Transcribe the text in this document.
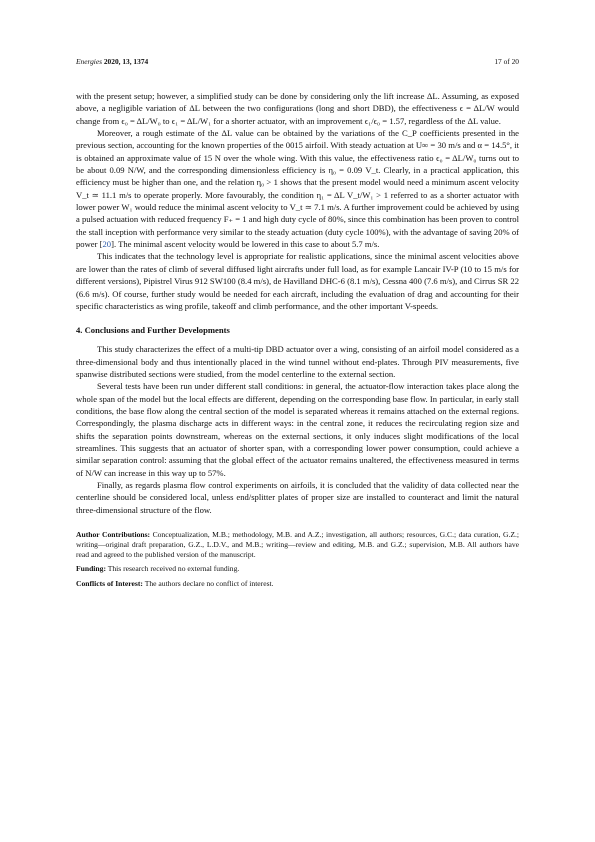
Energies 2020, 13, 1374	17 of 20

with the present setup; however, a simplified study can be done by considering only the lift increase ΔL. Assuming, as exposed above, a negligible variation of ΔL between the two configurations (long and short DBD), the effectiveness ϵ = ΔL/W would change from ϵ₀ = ΔL/W₀ to ϵ₁ = ΔL/W₁ for a shorter actuator, with an improvement ϵ₁/ϵ₀ = 1.57, regardless of the ΔL value.

Moreover, a rough estimate of the ΔL value can be obtained by the variations of the C_P coefficients presented in the previous section, accounting for the known properties of the 0015 airfoil. With steady actuation at U∞ = 30 m/s and α = 14.5°, it is obtained an approximate value of 15 N over the whole wing. With this value, the effectiveness ratio ϵ₀ = ΔL/W₀ turns out to be about 0.09 N/W, and the corresponding dimensionless efficiency is η₀ = 0.09 V_t. Clearly, in a practical application, this efficiency must be higher than one, and the relation η₀ > 1 shows that the present model would need a minimum ascent velocity V_t ≃ 11.1 m/s to operate properly. More favourably, the condition η₁ = ΔL V_t/W₁ > 1 referred to as a shorter actuator with lower power W₁ would reduce the minimal ascent velocity to V_t ≃ 7.1 m/s. A further improvement could be achieved by using a pulsed actuation with reduced frequency F₊ = 1 and high duty cycle of 80%, since this combination has been proven to control the stall inception with performance very similar to the steady actuation (duty cycle 100%), with the advantage of saving 20% of power [20]. The minimal ascent velocity would be lowered in this case to about 5.7 m/s.

This indicates that the technology level is appropriate for realistic applications, since the minimal ascent velocities above are lower than the rates of climb of several diffused light aircrafts under full load, as for example Lancair IV-P (10 to 15 m/s for different versions), Pipistrel Virus 912 SW100 (8.4 m/s), de Havilland DHC-6 (8.1 m/s), Cessna 400 (7.6 m/s), and Cirrus SR 22 (6.6 m/s). Of course, further study would be needed for each aircraft, including the evaluation of drag and accounting for their specific characteristics as wing profile, takeoff and climb performance, and the other important V-speeds.

4. Conclusions and Further Developments

This study characterizes the effect of a multi-tip DBD actuator over a wing, consisting of an airfoil model considered as a three-dimensional body and thus intentionally placed in the wind tunnel without end-plates. Through PIV measurements, five spanwise distributed sections were studied, from the model centerline to the external section.

Several tests have been run under different stall conditions: in general, the actuator-flow interaction takes place along the whole span of the model but the local effects are different, depending on the corresponding base flow. In particular, in early stall conditions, the base flow along the central section of the model is separated whereas it remains attached on the external regions. Correspondingly, the plasma discharge acts in different ways: in the central zone, it reduces the recirculating region size and shifts the separation points downstream, whereas on the external sections, it only induces slight modifications of the local streamlines. This suggests that an actuator of shorter span, with a corresponding lower power consumption, could achieve a similar separation control: assuming that the global effect of the actuator remains unaltered, the effectiveness measured in terms of N/W can increase in this way up to 57%.

Finally, as regards plasma flow control experiments on airfoils, it is concluded that the validity of data collected near the centerline should be considered local, unless end/splitter plates of proper size are installed to counteract and limit the natural three-dimensional structure of the flow.

Author Contributions: Conceptualization, M.B.; methodology, M.B. and A.Z.; investigation, all authors; resources, G.C.; data curation, G.Z.; writing—original draft preparation, G.Z., L.D.V., and M.B.; writing—review and editing, M.B. and G.Z.; supervision, M.B. All authors have read and agreed to the published version of the manuscript.

Funding: This research received no external funding.

Conflicts of Interest: The authors declare no conflict of interest.
